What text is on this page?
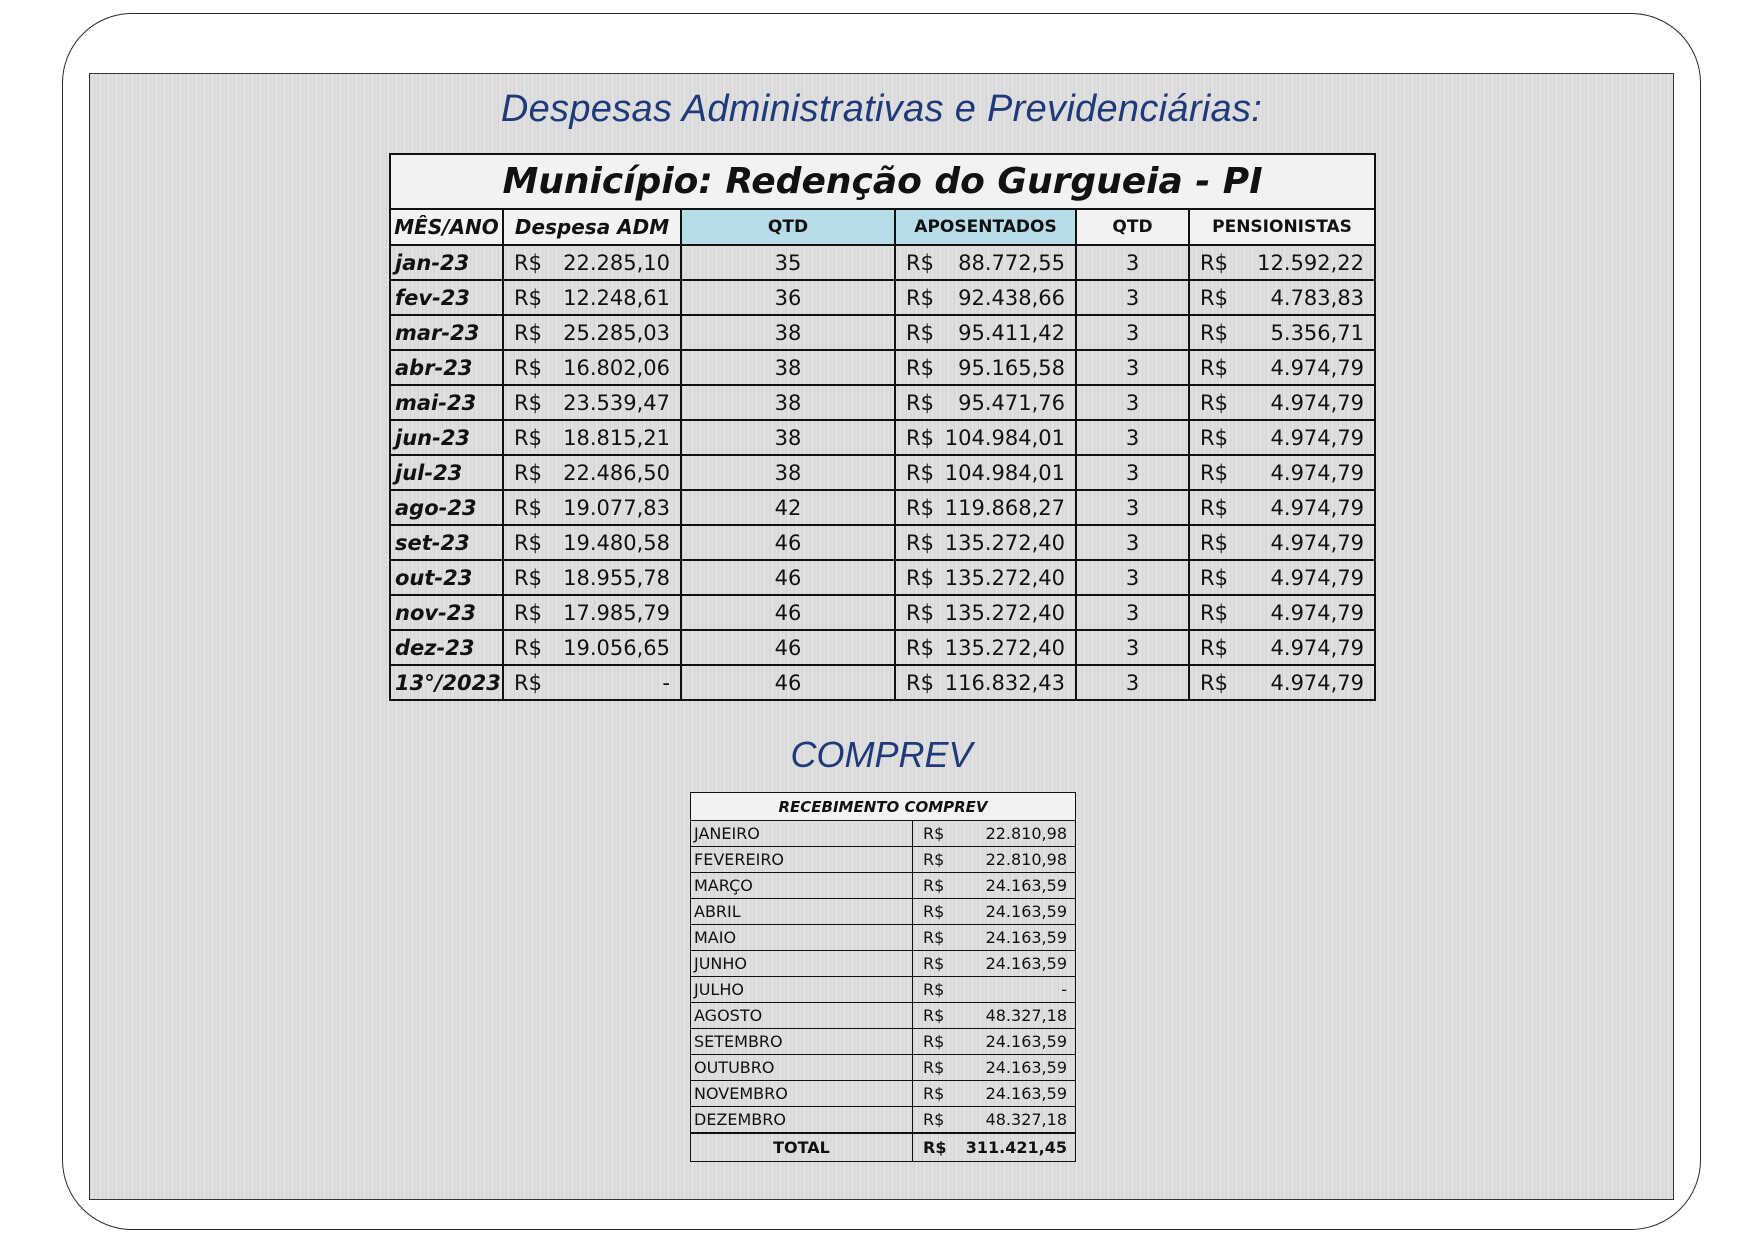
Despesas Administrativas e Previdenciárias:
Município: Redenção do Gurgueia - PI					
MÊS/ANO	Despesa ADM	QTD	APOSENTADOS	QTD	PENSIONISTAS
jan-23	R$ 22.285,10	35	R$ 88.772,55	3	R$ 12.592,22

fev-23	R$ 12.248,61	36	R$ 92.438,66	3	R$ 4.783,83

mar-23	R$ 25.285,03	38	R$ 95.411,42	3	R$ 5.356,71

abr-23	R$ 16.802,06	38	R$ 95.165,58	3	R$ 4.974,79

mai-23	R$ 23.539,47	38	R$ 95.471,76	3	R$ 4.974,79

jun-23	R$ 18.815,21	38	R$ 104.984,01	3	R$ 4.974,79

jul-23	R$ 22.486,50	38	R$ 104.984,01	3	R$ 4.974,79

ago-23	R$ 19.077,83	42	R$ 119.868,27	3	R$ 4.974,79

set-23	R$ 19.480,58	46	R$ 135.272,40	3	R$ 4.974,79

out-23	R$ 18.955,78	46	R$ 135.272,40	3	R$ 4.974,79

nov-23	R$ 17.985,79	46	R$ 135.272,40	3	R$ 4.974,79

dez-23	R$ 19.056,65	46	R$ 135.272,40	3	R$ 4.974,79

13°/2023	R$ -	46	R$ 116.832,43	3	R$ 4.974,79
COMPREV
RECEBIMENTO COMPREV	
JANEIRO	R$ 22.810,98

FEVEREIRO	R$ 22.810,98

MARÇO	R$ 24.163,59

ABRIL	R$ 24.163,59

MAIO	R$ 24.163,59

JUNHO	R$ 24.163,59

JULHO	R$ -

AGOSTO	R$ 48.327,18

SETEMBRO	R$ 24.163,59

OUTUBRO	R$ 24.163,59

NOVEMBRO	R$ 24.163,59

DEZEMBRO	R$ 48.327,18

TOTAL	R$ 311.421,45
